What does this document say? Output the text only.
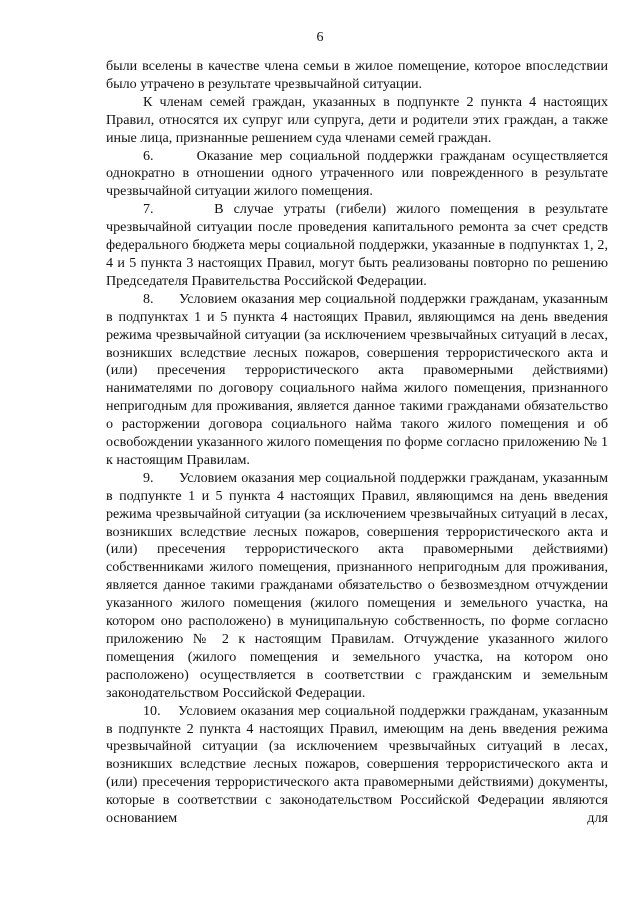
6

были вселены в качестве члена семьи в жилое помещение, которое впоследствии было утрачено в результате чрезвычайной ситуации.

К членам семей граждан, указанных в подпункте 2 пункта 4 настоящих Правил, относятся их супруг или супруга, дети и родители этих граждан, а также иные лица, признанные решением суда членами семей граждан.

6.      Оказание мер социальной поддержки гражданам осуществляется однократно в отношении одного утраченного или поврежденного в результате чрезвычайной ситуации жилого помещения.

7.      В случае утраты (гибели) жилого помещения в результате чрезвычайной ситуации после проведения капитального ремонта за счет средств федерального бюджета меры социальной поддержки, указанные в подпунктах 1, 2, 4 и 5 пункта 3 настоящих Правил, могут быть реализованы повторно по решению Председателя Правительства Российской Федерации.

8.      Условием оказания мер социальной поддержки гражданам, указанным в подпунктах 1 и 5 пункта 4 настоящих Правил, являющимся на день введения режима чрезвычайной ситуации (за исключением чрезвычайных ситуаций в лесах, возникших вследствие лесных пожаров, совершения террористического акта и (или) пресечения террористического акта правомерными действиями) нанимателями по договору социального найма жилого помещения, признанного непригодным для проживания, является данное такими гражданами обязательство о расторжении договора социального найма такого жилого помещения и об освобождении указанного жилого помещения по форме согласно приложению № 1 к настоящим Правилам.

9.      Условием оказания мер социальной поддержки гражданам, указанным в подпункте 1 и 5 пункта 4 настоящих Правил, являющимся на день введения режима чрезвычайной ситуации (за исключением чрезвычайных ситуаций в лесах, возникших вследствие лесных пожаров, совершения террористического акта и (или) пресечения террористического акта правомерными действиями) собственниками жилого помещения, признанного непригодным для проживания, является данное такими гражданами обязательство о безвозмездном отчуждении указанного жилого помещения (жилого помещения и земельного участка, на котором оно расположено) в муниципальную собственность, по форме согласно приложению № 2 к настоящим Правилам. Отчуждение указанного жилого помещения (жилого помещения и земельного участка, на котором оно расположено) осуществляется в соответствии с гражданским и земельным законодательством Российской Федерации.

10.    Условием оказания мер социальной поддержки гражданам, указанным в подпункте 2 пункта 4 настоящих Правил, имеющим на день введения режима чрезвычайной ситуации (за исключением чрезвычайных ситуаций в лесах, возникших вследствие лесных пожаров, совершения террористического акта и (или) пресечения террористического акта правомерными действиями) документы, которые в соответствии с законодательством Российской Федерации являются основанием для
